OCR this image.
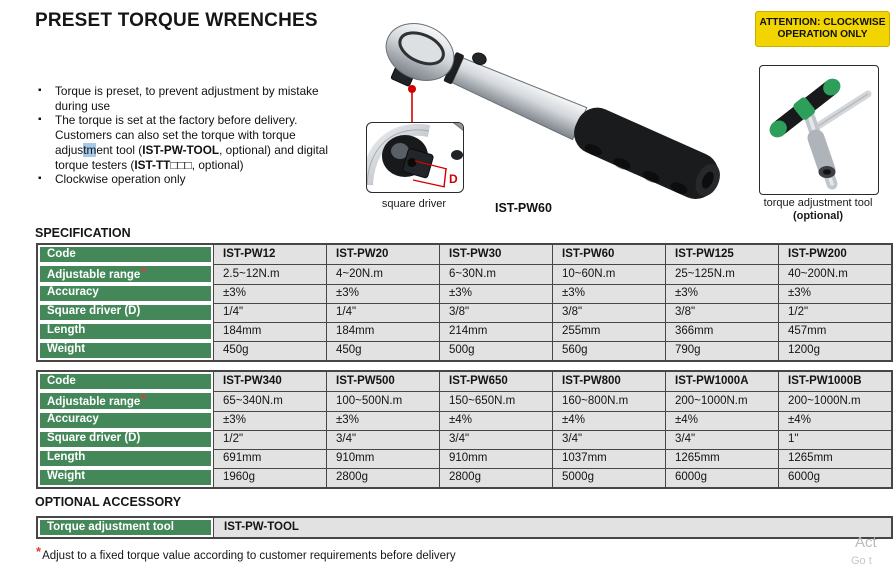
PRESET TORQUE WRENCHES	ATTENTION: CLOCKWISE
OPERATION ONLY
▪ Torque is preset, to prevent adjustment by mistake during use
▪ The torque is set at the factory before delivery. Customers can also set the torque with torque adjustment tool (IST-PW-TOOL, optional) and digital torque testers (IST-TT□□□, optional)
▪ Clockwise operation only	D
square driver	IST-PW60	torque adjustment tool
(optional)
SPECIFICATION
Code	IST-PW12	IST-PW20	IST-PW30	IST-PW60	IST-PW125	IST-PW200
Adjustable range*	2.5~12N.m	4~20N.m	6~30N.m	10~60N.m	25~125N.m	40~200N.m
Accuracy	±3%	±3%	±3%	±3%	±3%	±3%
Square driver (D)	1/4"	1/4"	3/8"	3/8"	3/8"	1/2"
Length	184mm	184mm	214mm	255mm	366mm	457mm
Weight	450g	450g	500g	560g	790g	1200g
Code	IST-PW340	IST-PW500	IST-PW650	IST-PW800	IST-PW1000A	IST-PW1000B
Adjustable range*	65~340N.m	100~500N.m	150~650N.m	160~800N.m	200~1000N.m	200~1000N.m
Accuracy	±3%	±3%	±4%	±4%	±4%	±4%
Square driver (D)	1/2"	3/4"	3/4"	3/4"	3/4"	1"
Length	691mm	910mm	910mm	1037mm	1265mm	1265mm
Weight	1960g	2800g	2800g	5000g	6000g	6000g
OPTIONAL ACCESSORY
Torque adjustment tool	IST-PW-TOOL
*Adjust to a fixed torque value according to customer requirements before delivery
Act
Go t
